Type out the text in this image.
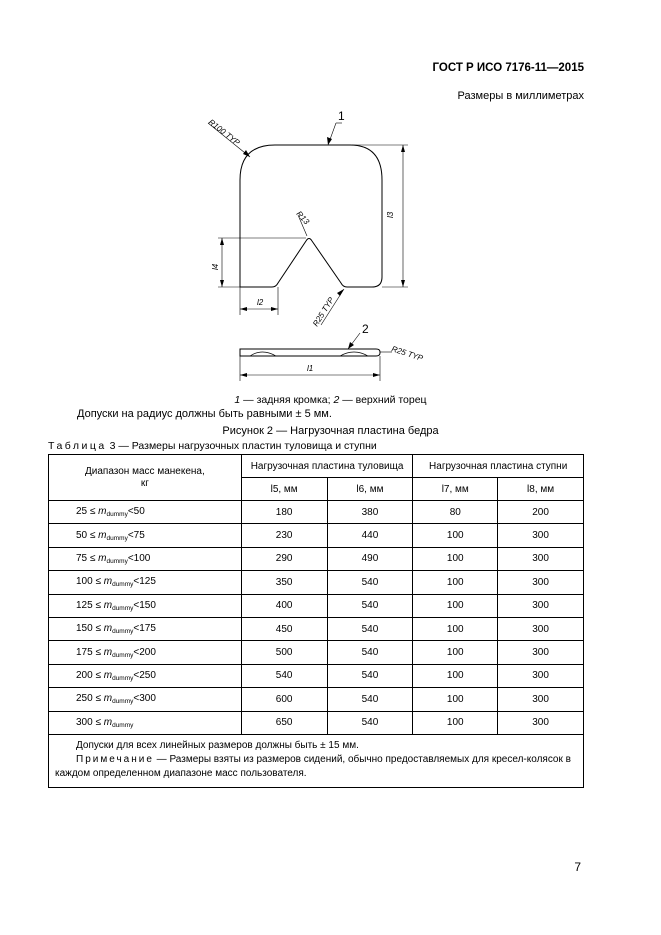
ГОСТ Р ИСО 7176-11—2015
Размеры в миллиметрах
l3
l4
l2
1
R100 TYP
R13
R25 TYP
l1
2
R25 TYP
1 — задняя кромка; 2 — верхний торец
Допуски на радиус должны быть равными ± 5 мм.
Рисунок 2 — Нагрузочная пластина бедра
Таблица 3 — Размеры нагрузочных пластин туловища и ступни
Диапазон масс манекена, кг	Нагрузочная пластина туловища		Нагрузочная пластина ступни	
	l5, мм	l6, мм	l7, мм	l8, мм
$25 \le m_{dummy}<50$	180	380	80	200
$50 \le m_{dummy}<75$	230	440	100	300
$75 \le m_{dummy}<100$	290	490	100	300
$100 \le m_{dummy}<125$	350	540	100	300
$125 \le m_{dummy}<150$	400	540	100	300
$150 \le m_{dummy}<175$	450	540	100	300
$175 \le m_{dummy}<200$	500	540	100	300
$200 \le m_{dummy}<250$	540	540	100	300
$250 \le m_{dummy}<300$	600	540	100	300
$300 \le m_{dummy}$	650	540	100	300

Допуски для всех линейных размеров должны быть ± 15 мм.
Примечание — Размеры взяты из размеров сидений, обычно предоставляемых для кресел-колясок в каждом определенном диапазоне масс пользователя.				
7
